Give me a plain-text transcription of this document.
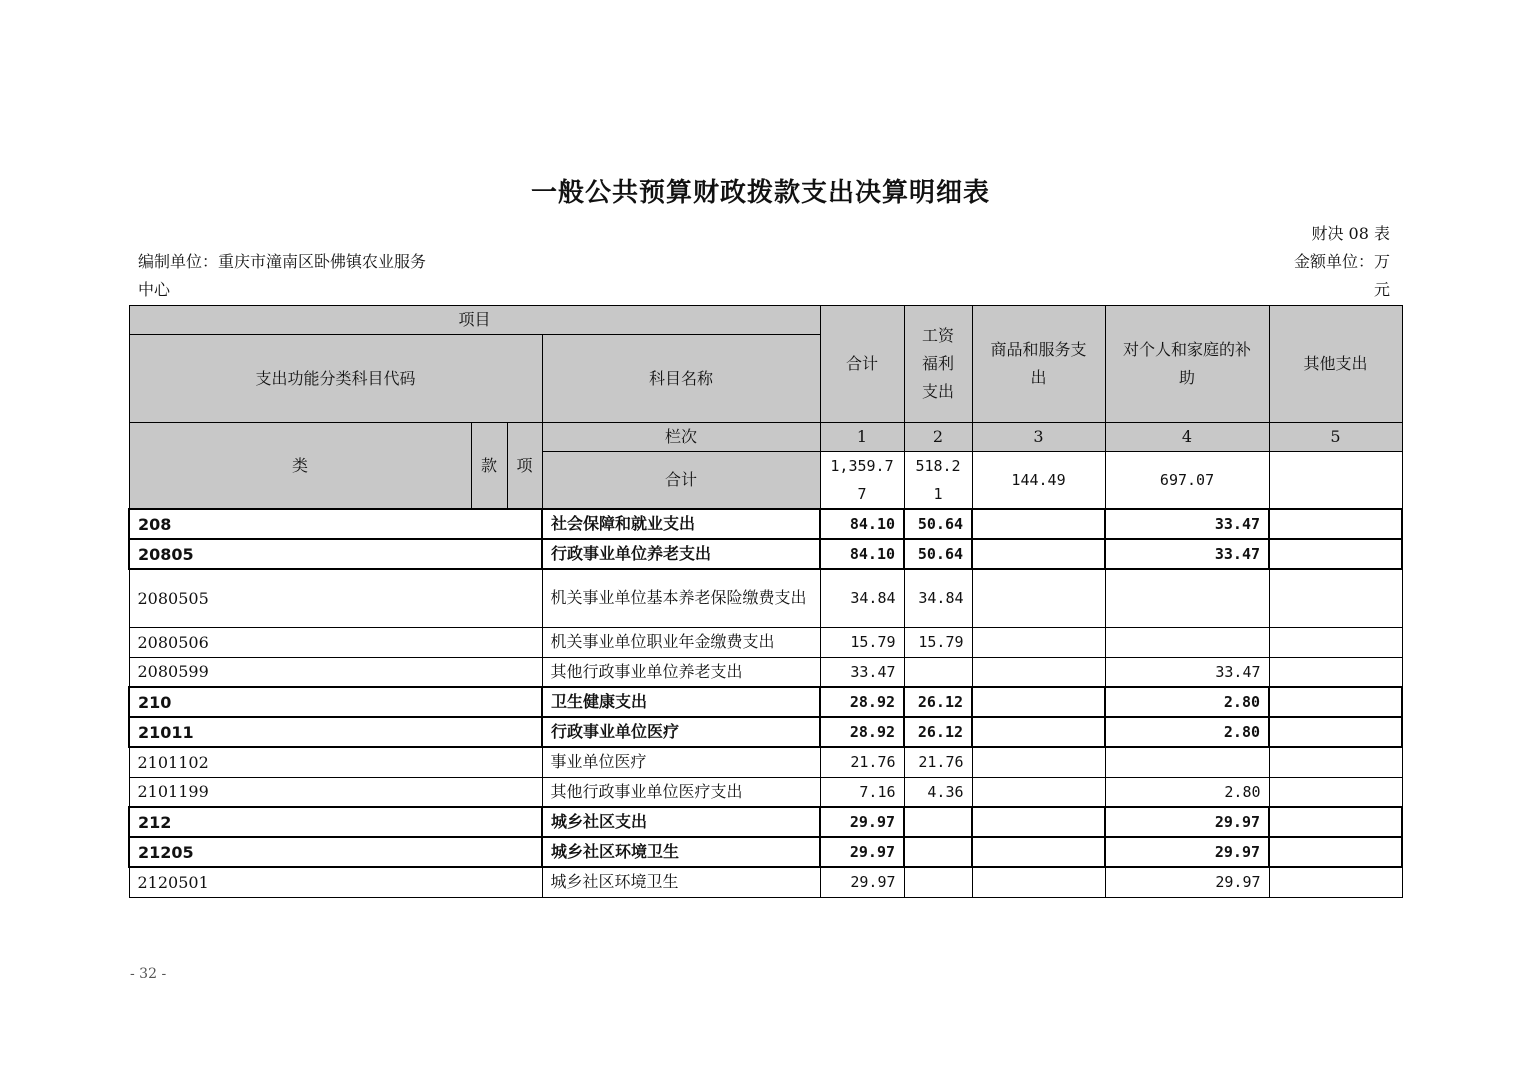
一般公共预算财政拨款支出决算明细表
财决 08 表
编制单位：重庆市潼南区卧佛镇农业服务
中心
金额单位：万
元
项目				合计	工资福利支出	商品和服务支出	对个人和家庭的补助	其他支出
支出功能分类科目代码			科目名称					
类	款	项	栏次	1	2	3	4	5
			合计	1,359.77	518.21	144.49	697.07	
208			社会保障和就业支出	84.10	50.64		33.47	
20805			行政事业单位养老支出	84.10	50.64		33.47	
2080505			机关事业单位基本养老保险缴费支出	34.84	34.84			
2080506			机关事业单位职业年金缴费支出	15.79	15.79			
2080599			其他行政事业单位养老支出	33.47			33.47	
210			卫生健康支出	28.92	26.12		2.80	
21011			行政事业单位医疗	28.92	26.12		2.80	
2101102			事业单位医疗	21.76	21.76			
2101199			其他行政事业单位医疗支出	7.16	4.36		2.80	
212			城乡社区支出	29.97			29.97	
21205			城乡社区环境卫生	29.97			29.97	
2120501			城乡社区环境卫生	29.97			29.97	
- 32 -
